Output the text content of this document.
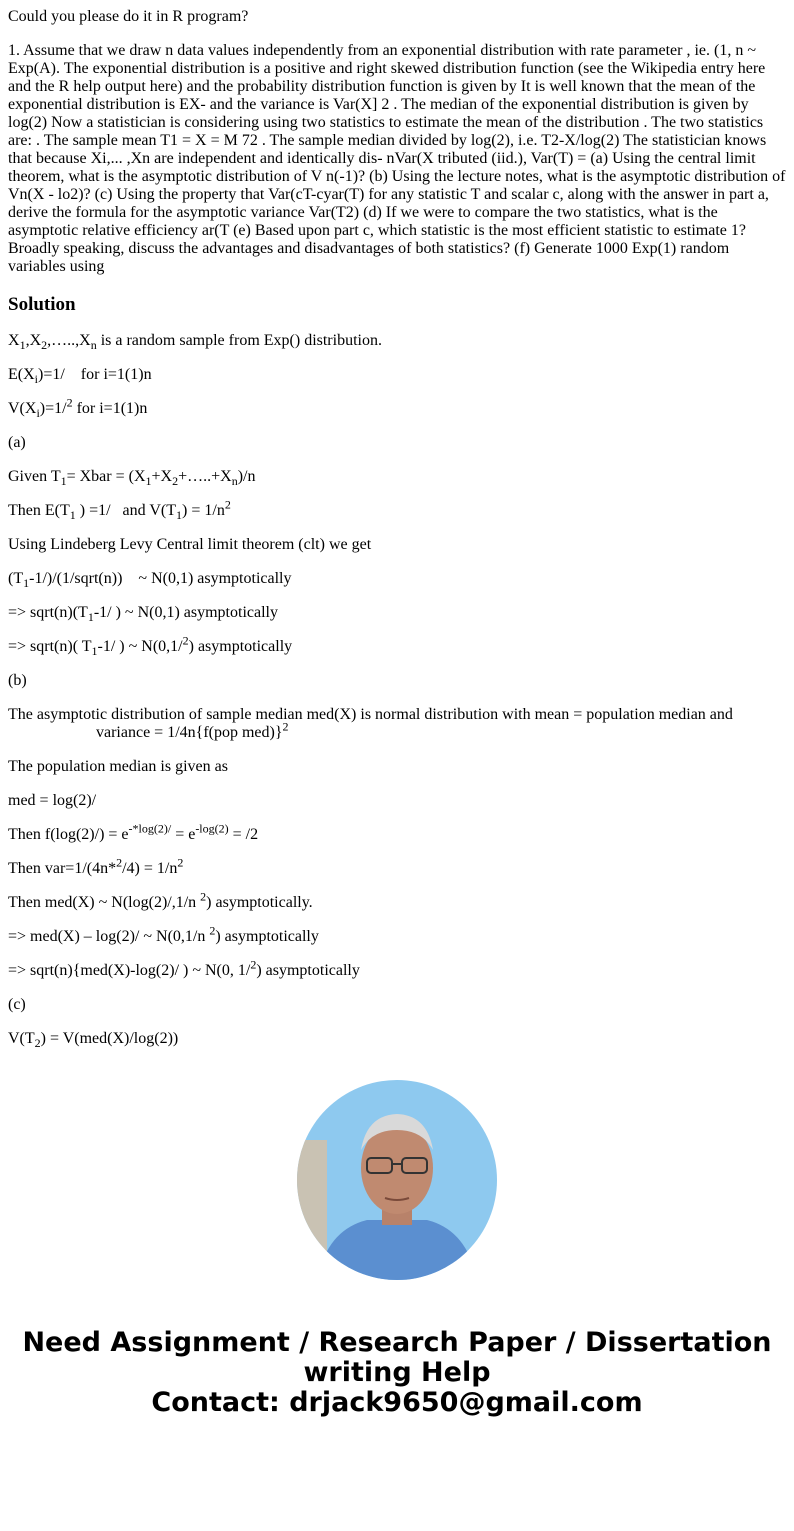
Could you please do it in R program?

1. Assume that we draw n data values independently from an exponential distribution with rate parameter , ie. (1, n ~ Exp(A). The exponential distribution is a positive and right skewed distribution function (see the Wikipedia entry here and the R help output here) and the probability distribution function is given by It is well known that the mean of the exponential distribution is EX- and the variance is Var(X] 2 . The median of the exponential distribution is given by log(2) Now a statistician is considering using two statistics to estimate the mean of the distribution . The two statistics are: . The sample mean T1 = X = M 72 . The sample median divided by log(2), i.e. T2-X/log(2) The statistician knows that because Xi,... ,Xn are independent and identically dis- nVar(X tributed (iid.), Var(T) = (a) Using the central limit theorem, what is the asymptotic distribution of V n(-1)? (b) Using the lecture notes, what is the asymptotic distribution of Vn(X - lo2)? (c) Using the property that Var(cT-cyar(T) for any statistic T and scalar c, along with the answer in part a, derive the formula for the asymptotic variance Var(T2) (d) If we were to compare the two statistics, what is the asymptotic relative efficiency ar(T (e) Based upon part c, which statistic is the most efficient statistic to estimate 1? Broadly speaking, discuss the advantages and disadvantages of both statistics? (f) Generate 1000 Exp(1) random variables using

Solution

$X_1,X_2,\dots..,X_n$ is a random sample from Exp() distribution.

$E(X_i)=1/$    for i=1(1)n

$V(X_i)=1/^2$ for i=1(1)n

(a)

Given $T_1=$ Xbar = $(X_1+X_2+\dots..+X_n)/n$

Then $E(T_1$ ) =1/   and $V(T_1) = 1/n^2$

Using Lindeberg Levy Central limit theorem (clt) we get

$(T_1-1/)/(1/sqrt(n))$    ~ N(0,1) asymptotically

=> $sqrt(n)(T_1-1/$ ) ~ N(0,1) asymptotically

=> sqrt(n)( $T_1-1/$ ) ~ N(0,1/$^2$) asymptotically

(b)

The asymptotic distribution of sample median med(X) is normal distribution with mean = population median and
variance = 1/4n{f(pop med)}$^2$

The population median is given as

med = log(2)/

Then $f(\log(2)/) = e^{-*log(2)/} = e^{-log(2)} = /2$

Then $var=1/(4n*^2/4) = 1/n^2$

Then med(X) ~ N(log(2)/,1/n $^2$) asymptotically.

=> med(X) – log(2)/ ~ N(0,1/n $^2$) asymptotically

=> sqrt(n){med(X)-log(2)/ ) ~ N(0, 1/$^2$) asymptotically

(c)

$V(T_2) = V(med(X)/\log(2))$

Need Assignment / Research Paper / Dissertation writing Help
Contact: drjack9650@gmail.com
